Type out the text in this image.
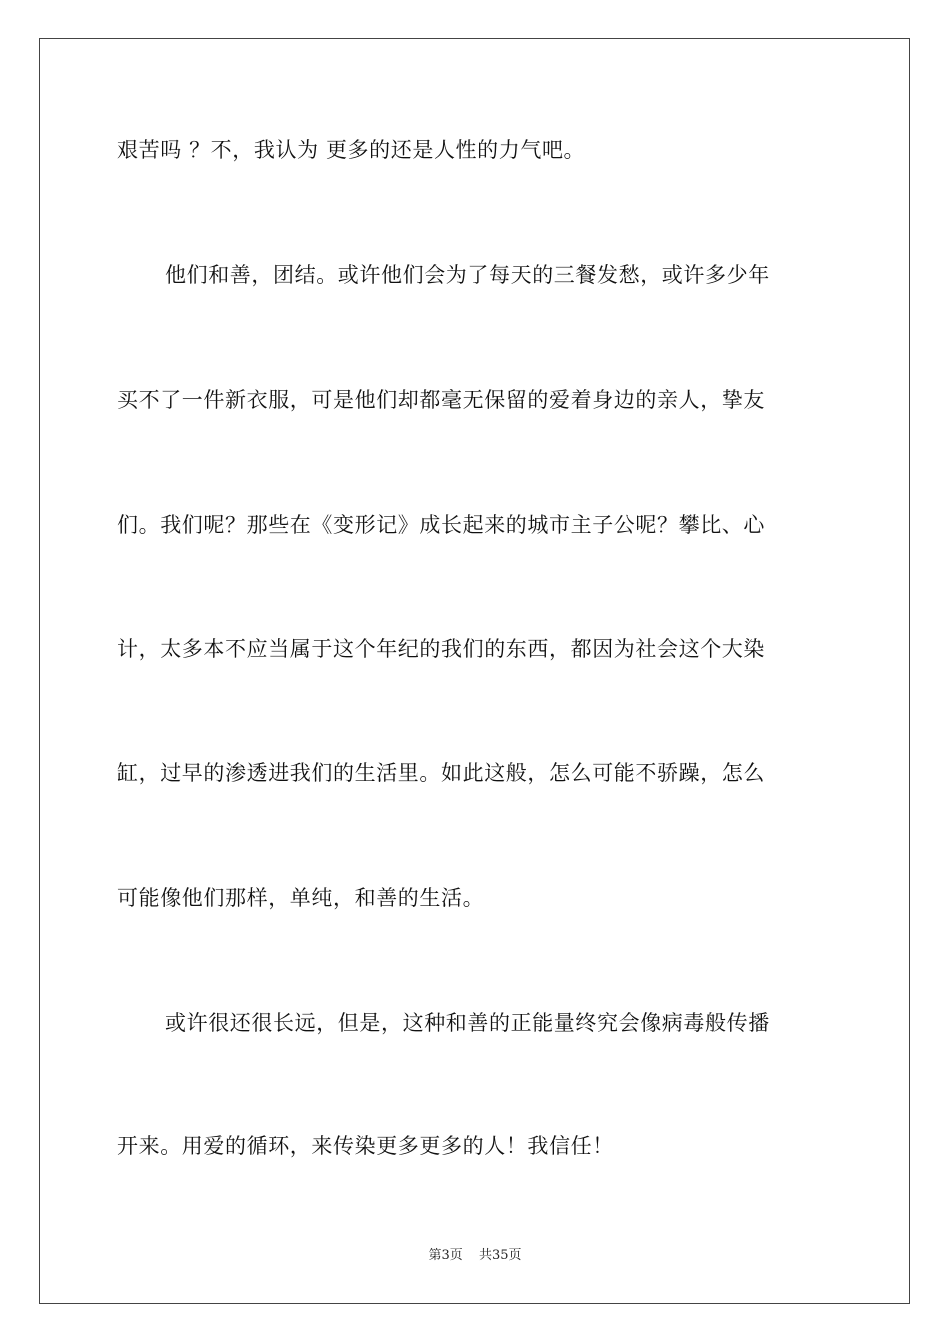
艰苦吗 ？不，我认为 更多的还是人性的力气吧。
他们和善，团结。或许他们会为了每天的三餐发愁，或许多少年
买不了一件新衣服，可是他们却都毫无保留的爱着身边的亲人，挚友
们。我们呢？那些在《变形记》成长起来的城市主子公呢？攀比、心
计，太多本不应当属于这个年纪的我们的东西，都因为社会这个大染
缸，过早的渗透进我们的生活里。如此这般，怎么可能不骄躁，怎么
可能像他们那样，单纯，和善的生活。
或许很还很长远，但是，这种和善的正能量终究会像病毒般传播
开来。用爱的循环，来传染更多更多的人！我信任！
第3页 共35页
